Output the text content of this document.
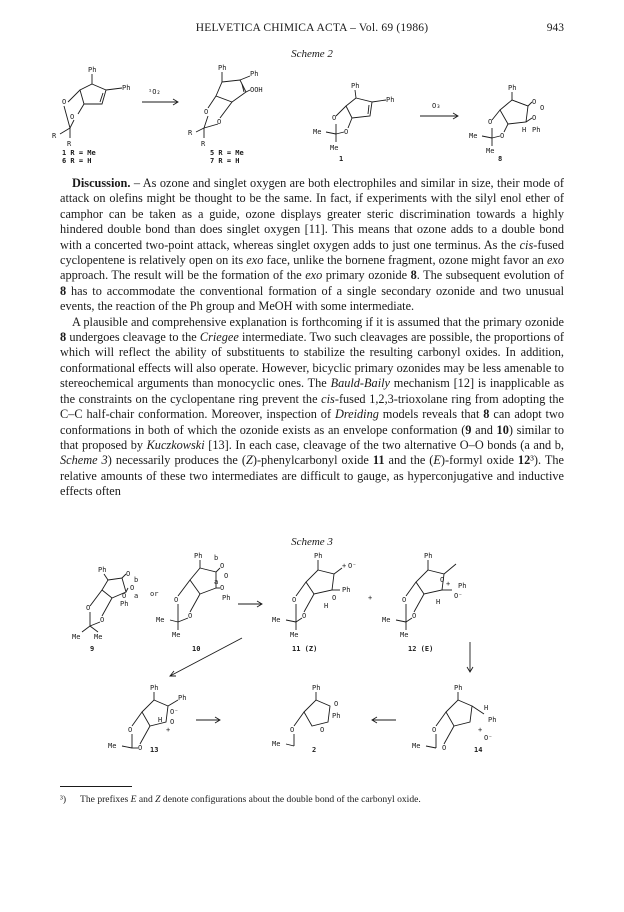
HELVETICA CHIMICA ACTA – Vol. 69 (1986)	943
Scheme 2
Ph
Ph
O
O
R
R
1 R = Me
6 R = H
¹O₂
Ph
Ph
OOH
O
O
R
R
5 R = Me
7 R = H
Ph
Ph
O
O
Me
Me
1
O₃
Ph
O
O
O
H Ph
O
O
Me
Me
8

Discussion. – As ozone and singlet oxygen are both electrophiles and similar in size, their mode of attack on olefins might be thought to be the same. In fact, if experiments with the silyl enol ether of camphor can be taken as a guide, ozone displays greater steric discrimination towards a highly hindered double bond than does singlet oxygen [11]. This means that ozone adds to a double bond with a concerted two-point attack, whereas singlet oxygen adds to just one terminus. As the cis-fused cyclopentene is relatively open on its exo face, unlike the bornene fragment, ozone might favor an exo approach. The result will be the formation of the exo primary ozonide 8. The subsequent evolution of 8 has to accommodate the conventional formation of a single secondary ozonide and two unusual events, the reaction of the Ph group and MeOH with some intermediate.

A plausible and comprehensive explanation is forthcoming if it is assumed that the primary ozonide 8 undergoes cleavage to the Criegee intermediate. Two such cleavages are possible, the proportions of which will reflect the ability of substituents to stabilize the resulting carbonyl oxides. In addition, conformational effects will also operate. However, bicyclic primary ozonides may be less amenable to stereochemical arguments than monocyclic ones. The Bauld-Baily mechanism [12] is inapplicable as the constraints on the cyclopentane ring prevent the cis-fused 1,2,3-trioxolane ring from adopting the C–C half-chair conformation. Moreover, inspection of Dreiding models reveals that 8 can adopt two conformations in both of which the ozonide exists as an envelope conformation (9 and 10) similar to that proposed by Kuczkowski [13]. In each case, cleavage of the two alternative O–O bonds (a and b, Scheme 3) necessarily produces the (Z)-phenylcarbonyl oxide 11 and the (E)-formyl oxide 12³). The relative amounts of these two intermediates are difficult to gauge, as hyperconjugative and inductive effects often

Scheme 3
Ph	O
b
O
O a
Ph
O
O
Me Me
9
or
Ph b
O
O
a
O
Ph
O
O
Me
Me
10
Ph
+ O⁻
Ph
O
H
O
O
Me
Me
11 (Z)
+
Ph
+
O
Ph
O⁻
H
O
O
Me
Me
12 (E)
Ph
Ph
O
O⁻
+
H
O
O
Me	13
Ph
O
Ph
O
O
Me
2
Ph
H
Ph
+
O⁻
O
O
Me	14
³) The prefixes E and Z denote configurations about the double bond of the carbonyl oxide.
